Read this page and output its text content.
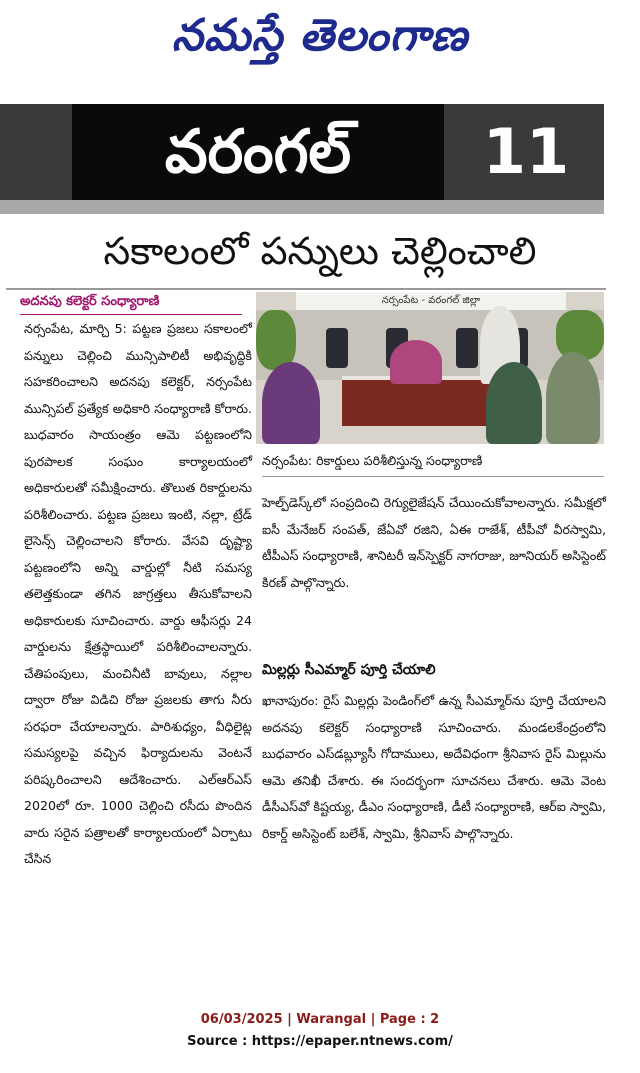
నమస్తే తెలంగాణ
వరంగల్	11
సకాలంలో పన్నులు చెల్లించాలి
అదనపు కలెక్టర్ సంధ్యారాణి
నర్సంపేట, మార్చి 5: పట్టణ ప్రజలు సకాలంలో పన్నులు చెల్లించి మున్సిపాలిటీ అభివృద్ధికి సహకరించాలని అదనపు కలెక్టర్, నర్సంపేట మున్సిపల్ ప్రత్యేక అధికారి సంధ్యారాణి కోరారు. బుధవారం సాయంత్రం ఆమె పట్టణంలోని పురపాలక సంఘం కార్యాలయంలో అధికారులతో సమీక్షించారు. తొలుత రికార్డులను పరిశీలించారు. పట్టణ ప్రజలు ఇంటి, నల్లా, ట్రేడ్ లైసెన్స్ చెల్లించాలని కోరారు. వేసవి దృష్ట్యా పట్టణంలోని అన్ని వార్డుల్లో నీటి సమస్య తలెత్తకుండా తగిన జాగ్రత్తలు తీసుకోవాలని అధికారులకు సూచించారు. వార్డు ఆఫీసర్లు 24 వార్డులను క్షేత్రస్థాయిలో పరిశీలించాలన్నారు. చేతిపంపులు, మంచినీటి బావులు, నల్లాల ద్వారా రోజు విడిచి రోజు ప్రజలకు తాగు నీరు సరఫరా చేయాలన్నారు. పారిశుధ్యం, వీధిలైట్ల సమస్యలపై వచ్చిన ఫిర్యాదులను వెంటనే పరిష్కరించాలని ఆదేశించారు. ఎల్ఆర్ఎస్ 2020లో రూ. 1000 చెల్లించి రసీదు పొందిన వారు సరైన పత్రాలతో కార్యాలయంలో ఏర్పాటు చేసిన
నర్సంపేట - వరంగల్ జిల్లా
నర్సంపేట: రికార్డులు పరిశీలిస్తున్న సంధ్యారాణి
హెల్ప్‌డెస్క్‌లో సంప్రదించి రెగ్యులైజేషన్ చేయించుకోవాలన్నారు. సమీక్షలో ఐసీ మేనేజర్ సంపత్, జేఏవో రజిని, ఏఈ రాజేశ్, టీపీవో వీరస్వామి, టీపీఎస్ సంధ్యారాణి, శానిటరీ ఇన్‌స్పెక్టర్ నాగరాజు, జూనియర్ అసిస్టెంట్ కిరణ్ పాల్గొన్నారు.
మిల్లర్లు సీఎమ్మార్ పూర్తి చేయాలి
ఖానాపురం: రైస్ మిల్లర్లు పెండింగ్‌లో ఉన్న సీఎమ్మార్‌ను పూర్తి చేయాలని అదనపు కలెక్టర్ సంధ్యారాణి సూచించారు. మండలకేంద్రంలోని బుధవారం ఎస్‌డబ్ల్యూసీ గోదాములు, అదేవిధంగా శ్రీనివాస రైస్ మిల్లును ఆమె తనిఖీ చేశారు. ఈ సందర్భంగా సూచనలు చేశారు. ఆమె వెంట డీసీఎస్‌వో కిష్టయ్య, డీఎం సంధ్యారాణి, డీటీ సంధ్యారాణి, ఆర్ఐ స్వామి, రికార్డ్ అసిస్టెంట్ బలేశ్, స్వామి, శ్రీనివాస్ పాల్గొన్నారు.
06/03/2025 | Warangal | Page : 2
Source : https://epaper.ntnews.com/
